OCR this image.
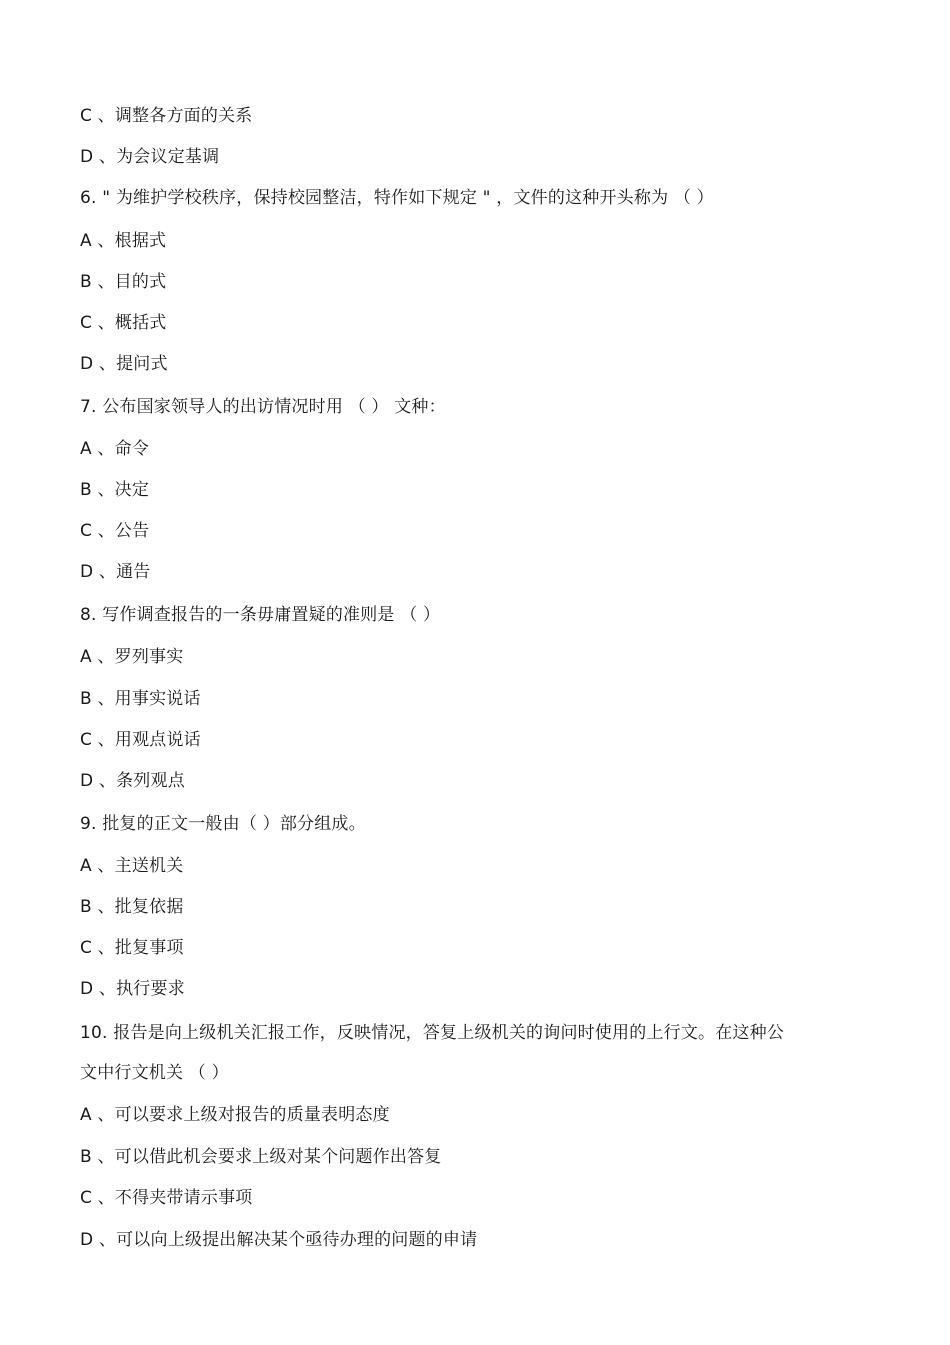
C 、调整各方面的关系
D 、为会议定基调
6. " 为维护学校秩序，保持校园整洁，特作如下规定 " ，文件的这种开头称为 （ ）
A 、根据式
B 、目的式
C 、概括式
D 、提问式
7. 公布国家领导人的出访情况时用 （ ） 文种：
A 、命令
B 、决定
C 、公告
D 、通告
8. 写作调查报告的一条毋庸置疑的准则是 （ ）
A 、罗列事实
B 、用事实说话
C 、用观点说话
D 、条列观点
9. 批复的正文一般由（ ）部分组成。
A 、主送机关
B 、批复依据
C 、批复事项
D 、执行要求
10. 报告是向上级机关汇报工作，反映情况，答复上级机关的询问时使用的上行文。在这种公
文中行文机关 （ ）
A 、可以要求上级对报告的质量表明态度
B 、可以借此机会要求上级对某个问题作出答复
C 、不得夹带请示事项
D 、可以向上级提出解决某个亟待办理的问题的申请
